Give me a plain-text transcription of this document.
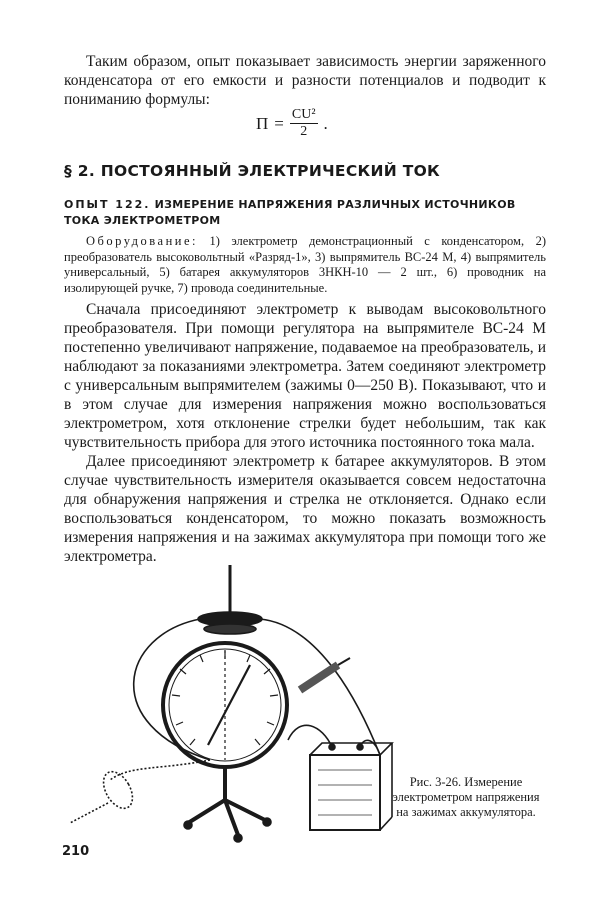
Таким образом, опыт показывает зависимость энергии заряженного конденсатора от его емкости и разности потенциалов и подводит к пониманию формулы:

$П = \frac{\text{CU²}}{2}$ .
§ 2. ПОСТОЯННЫЙ ЭЛЕКТРИЧЕСКИЙ ТОК

ОПЫТ 122. ИЗМЕРЕНИЕ НАПРЯЖЕНИЯ РАЗЛИЧНЫХ ИСТОЧНИКОВ ТОКА ЭЛЕКТРОМЕТРОМ

Оборудование: 1) электрометр демонстрационный с конденсатором, 2) преобразователь высоковольтный «Разряд-1», 3) выпрямитель ВС-24 М, 4) выпрямитель универсальный, 5) батарея аккумуляторов 3НКН-10 — 2 шт., 6) проводник на изолирующей ручке, 7) провода соединительные.

Сначала присоединяют электрометр к выводам высоковольтного преобразователя. При помощи регулятора на выпрямителе ВС-24 М постепенно увеличивают напряжение, подаваемое на преобразователь, и наблюдают за показаниями электрометра. Затем соединяют электрометр с универсальным выпрямителем (зажимы 0—250 В). Показывают, что и в этом случае для измерения напряжения можно воспользоваться электрометром, хотя отклонение стрелки будет небольшим, так как чувствительность прибора для этого источника постоянного тока мала.

Далее присоединяют электрометр к батарее аккумуляторов. В этом случае чувствительность измерителя оказывается совсем недостаточна для обнаружения напряжения и стрелка не отклоняется. Однако если воспользоваться конденсатором, то можно показать возможность измерения напряжения и на зажимах аккумулятора при помощи того же электрометра.

Рис. 3-26. Измерение электрометром напряжения на зажимах аккумулятора.

210
